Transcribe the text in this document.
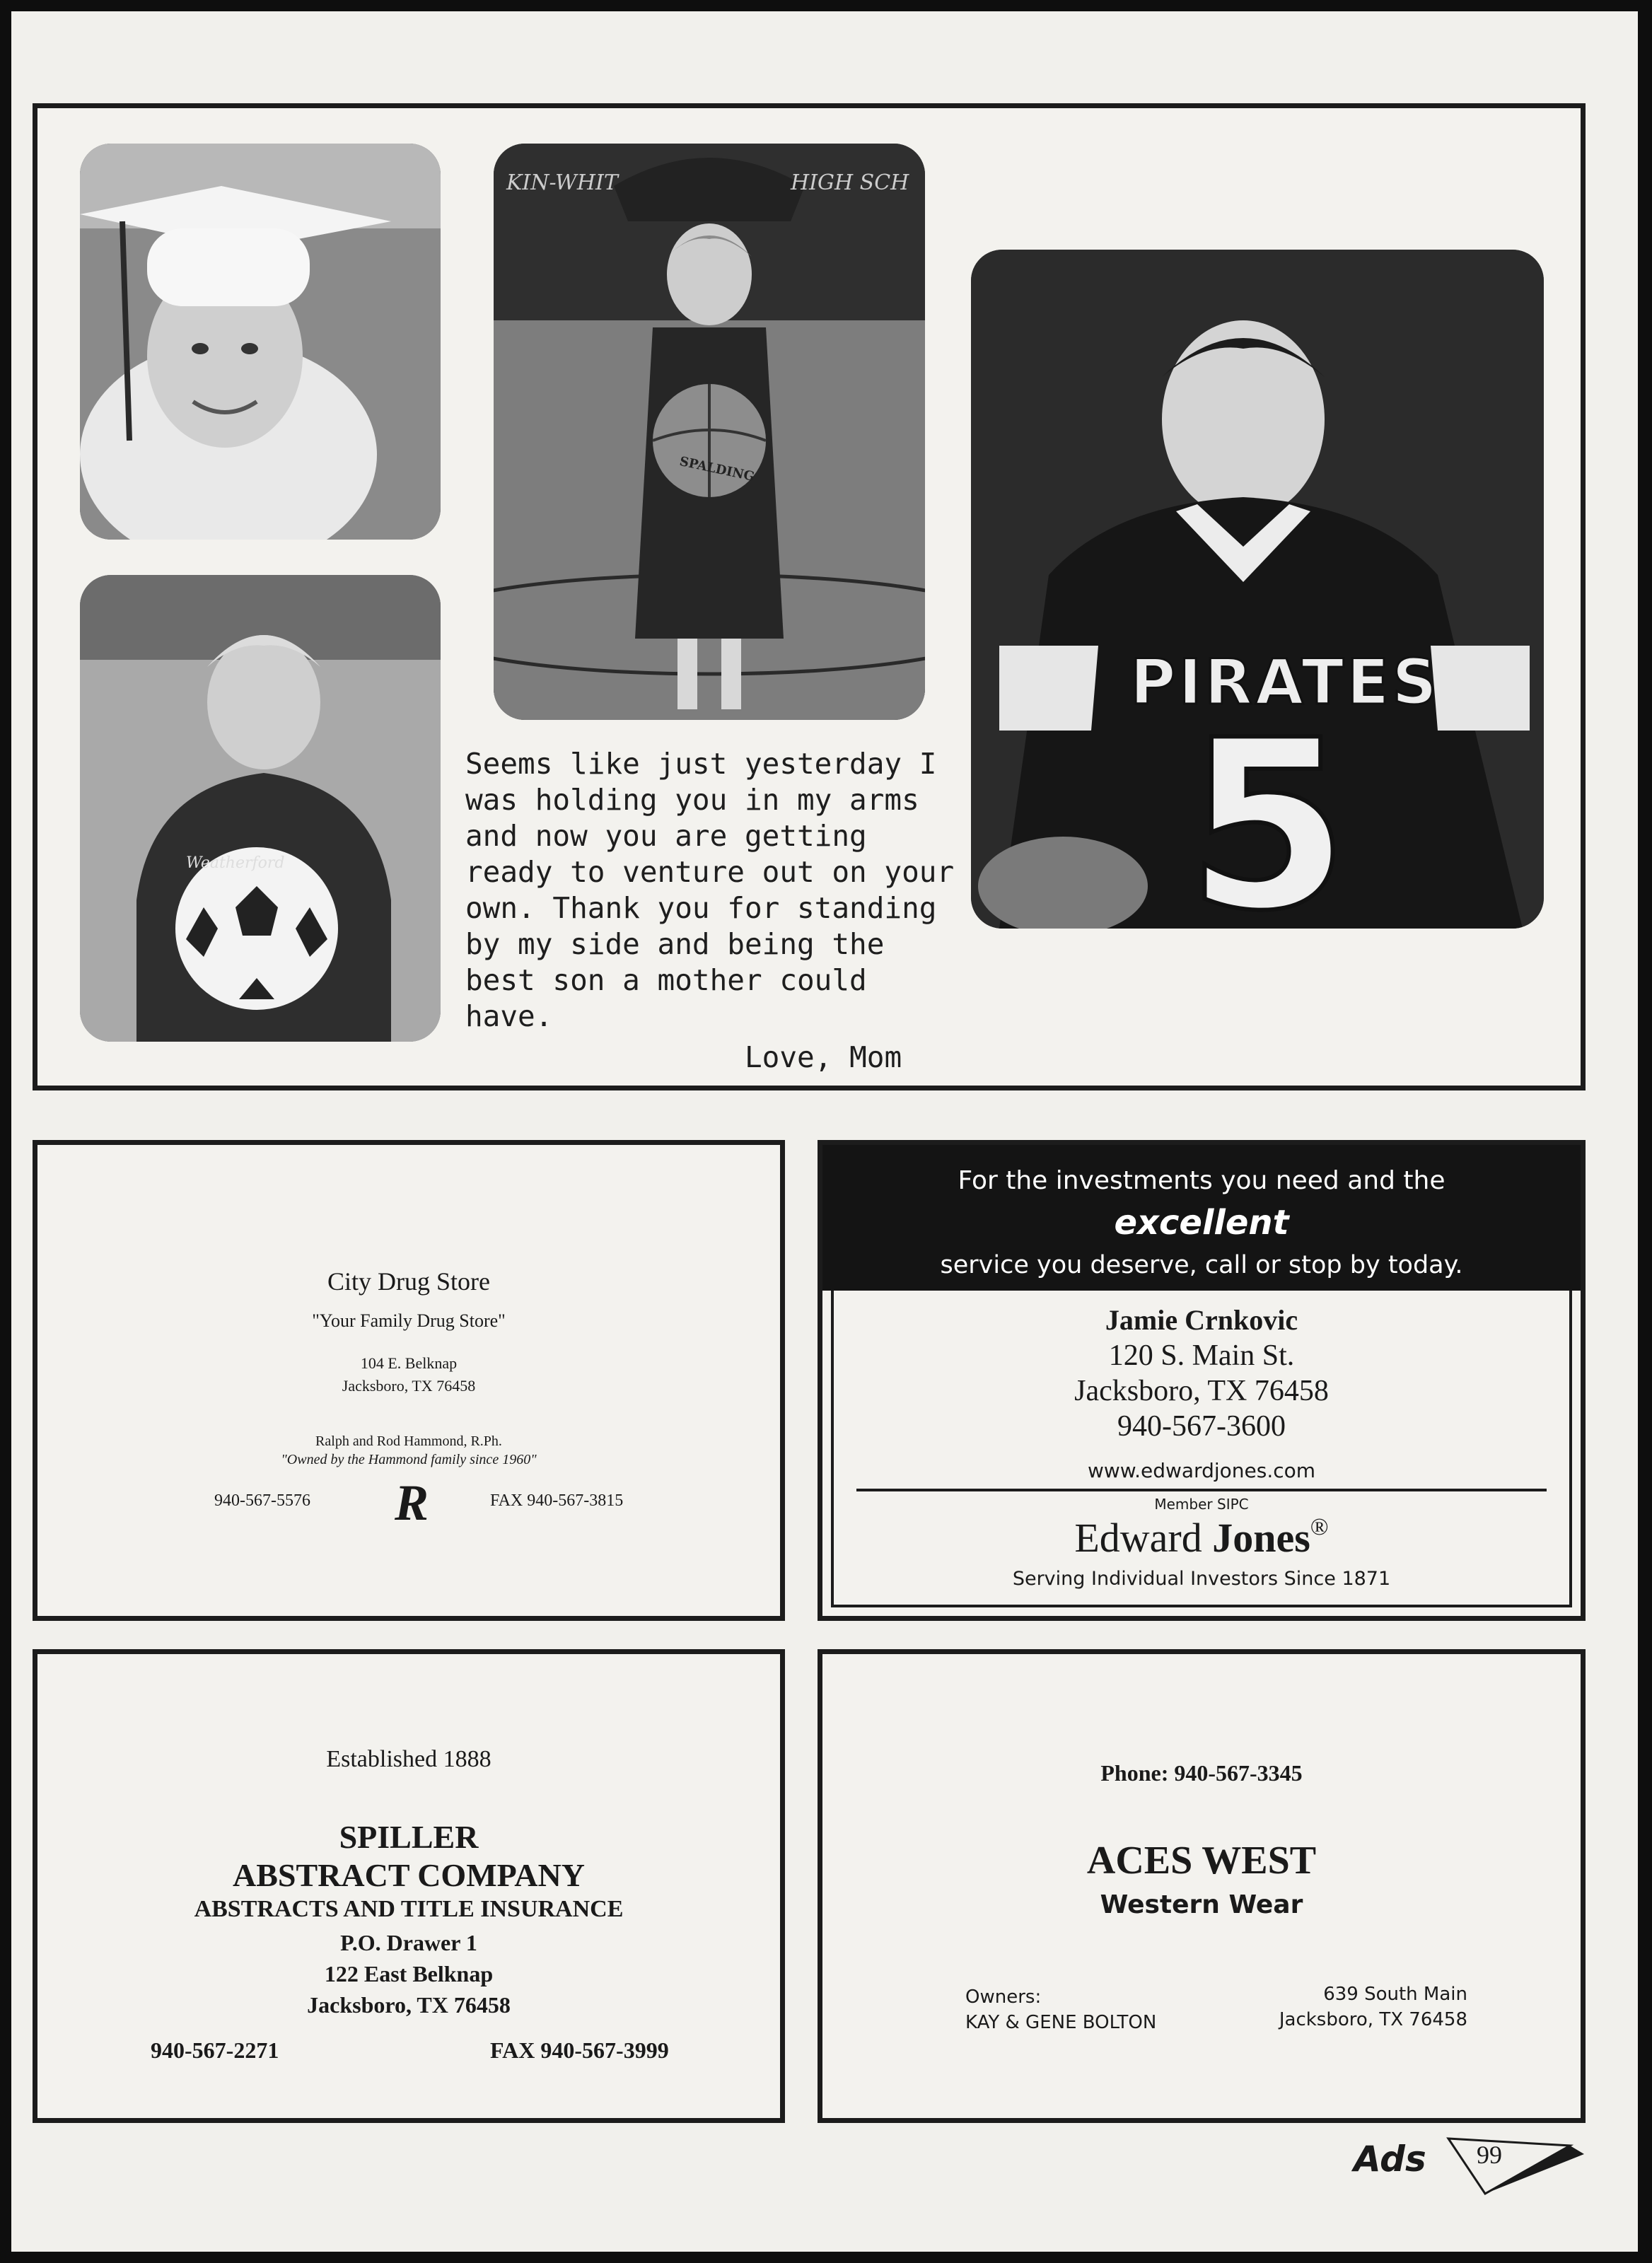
Weatherford
KIN-WHIT	HIGH SCH
SPALDING
PIRATES
5
Seems like just yesterday I was holding you in my arms and now you are getting ready to venture out on your own. Thank you for standing by my side and being the best son a mother could have.
Love, Mom
City Drug Store
"Your Family Drug Store"
104 E. Belknap
Jacksboro, TX 76458
Ralph and Rod Hammond, R.Ph.
"Owned by the Hammond family since 1960"
940-567-5576 R	FAX 940-567-3815
For the investments you need and the
excellent
service you deserve, call or stop by today.
Jamie Crnkovic
120 S. Main St.
Jacksboro, TX 76458
940-567-3600
www.edwardjones.com
Member SIPC
Edward Jones®
Serving Individual Investors Since 1871
Established 1888
SPILLER
ABSTRACT COMPANY
ABSTRACTS AND TITLE INSURANCE
P.O. Drawer 1
122 East Belknap
Jacksboro, TX 76458
940-567-2271	FAX 940-567-3999
Phone: 940-567-3345
ACES WEST
Western Wear
Owners:
KAY & GENE BOLTON
639 South Main
Jacksboro, TX 76458
Ads 99
